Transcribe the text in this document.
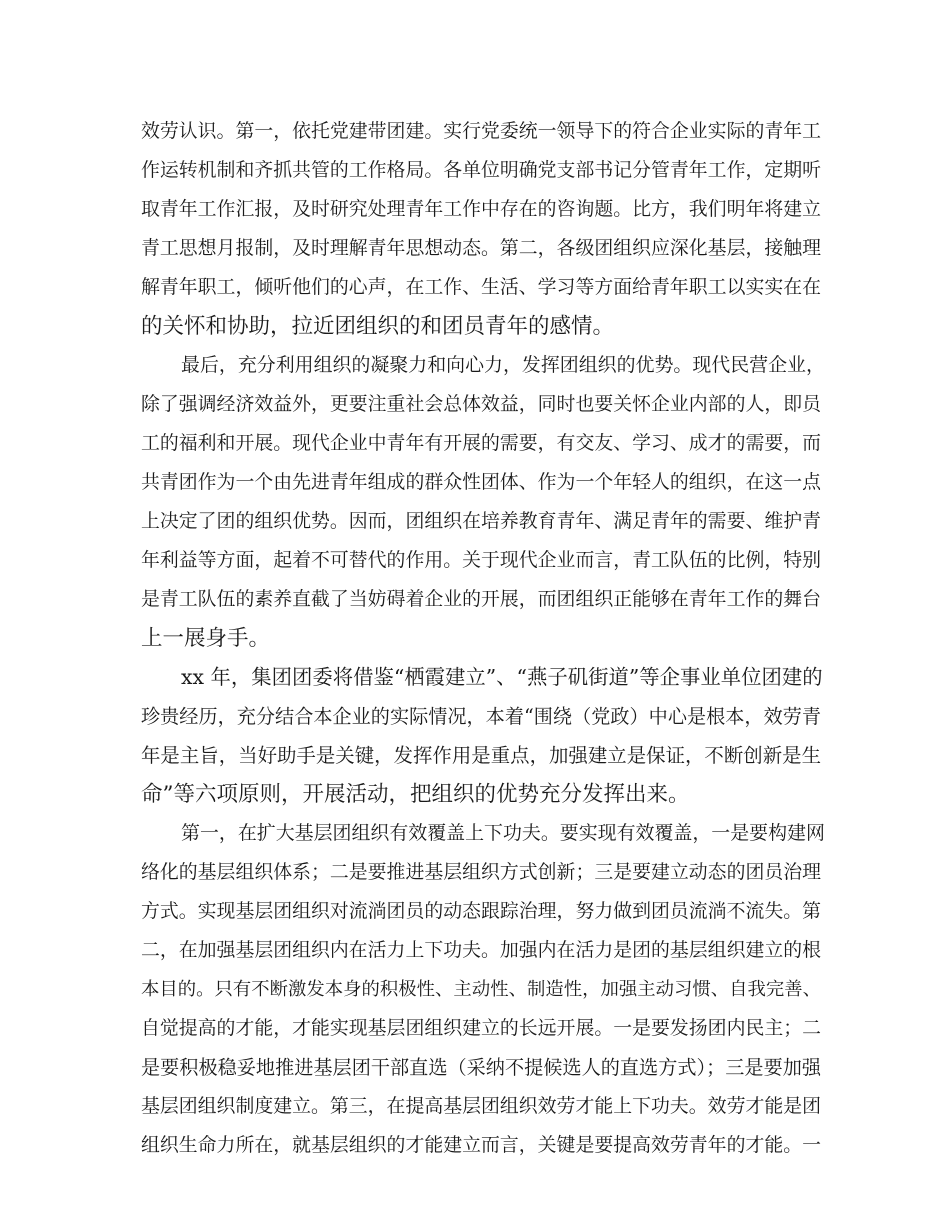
效劳认识。第一，依托党建带团建。实行党委统一领导下的符合企业实际的青年工
作运转机制和齐抓共管的工作格局。各单位明确党支部书记分管青年工作，定期听
取青年工作汇报，及时研究处理青年工作中存在的咨询题。比方，我们明年将建立
青工思想月报制，及时理解青年思想动态。第二，各级团组织应深化基层，接触理
解青年职工，倾听他们的心声，在工作、生活、学习等方面给青年职工以实实在在
的关怀和协助，拉近团组织的和团员青年的感情。
最后，充分利用组织的凝聚力和向心力，发挥团组织的优势。现代民营企业，
除了强调经济效益外，更要注重社会总体效益，同时也要关怀企业内部的人，即员
工的福利和开展。现代企业中青年有开展的需要，有交友、学习、成才的需要，而
共青团作为一个由先进青年组成的群众性团体、作为一个年轻人的组织，在这一点
上决定了团的组织优势。因而，团组织在培养教育青年、满足青年的需要、维护青
年利益等方面，起着不可替代的作用。关于现代企业而言，青工队伍的比例，特别
是青工队伍的素养直截了当妨碍着企业的开展，而团组织正能够在青年工作的舞台
上一展身手。
xx 年，集团团委将借鉴“栖霞建立”、“燕子矶街道”等企事业单位团建的
珍贵经历，充分结合本企业的实际情况，本着“围绕（党政）中心是根本，效劳青
年是主旨，当好助手是关键，发挥作用是重点，加强建立是保证，不断创新是生
命”等六项原则，开展活动，把组织的优势充分发挥出来。
第一，在扩大基层团组织有效覆盖上下功夫。要实现有效覆盖，一是要构建网
络化的基层组织体系；二是要推进基层组织方式创新；三是要建立动态的团员治理
方式。实现基层团组织对流淌团员的动态跟踪治理，努力做到团员流淌不流失。第
二，在加强基层团组织内在活力上下功夫。加强内在活力是团的基层组织建立的根
本目的。只有不断激发本身的积极性、主动性、制造性，加强主动习惯、自我完善、
自觉提高的才能，才能实现基层团组织建立的长远开展。一是要发扬团内民主；二
是要积极稳妥地推进基层团干部直选（采纳不提候选人的直选方式）；三是要加强
基层团组织制度建立。第三，在提高基层团组织效劳才能上下功夫。效劳才能是团
组织生命力所在，就基层组织的才能建立而言，关键是要提高效劳青年的才能。一
